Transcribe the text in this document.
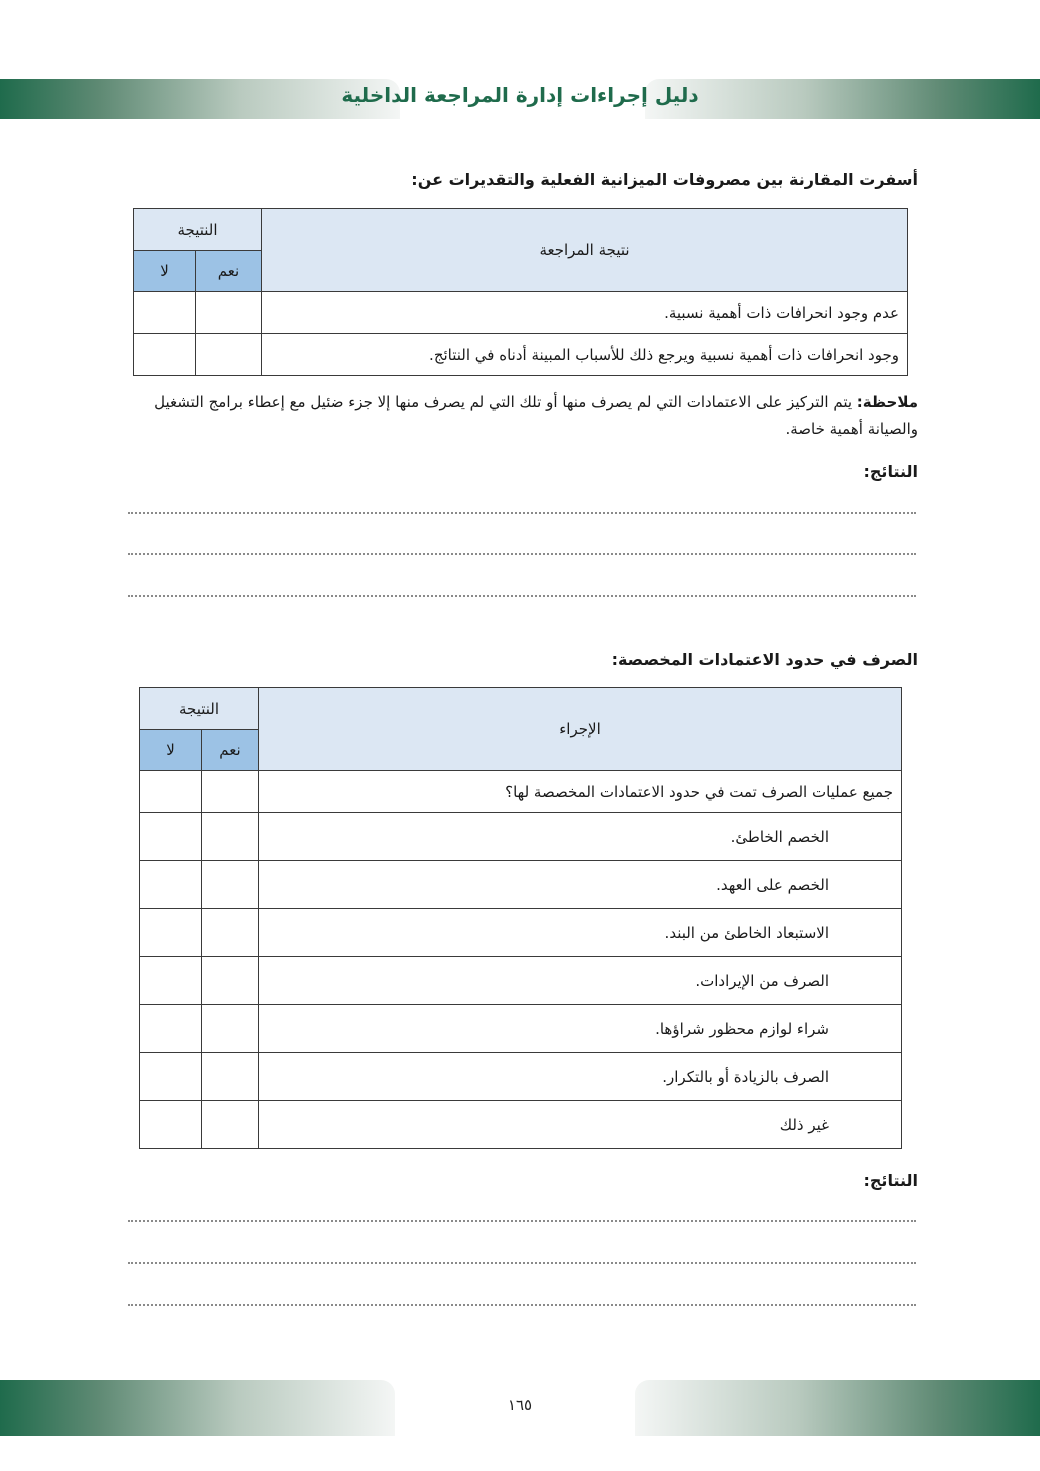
دليل إجراءات إدارة المراجعة الداخلية
أسفرت المقارنة بين مصروفات الميزانية الفعلية والتقديرات عن:
نتيجة المراجعة	النتيجة	
	نعم	لا
عدم وجود انحرافات ذات أهمية نسبية.		
وجود انحرافات ذات أهمية نسبية ويرجع ذلك للأسباب المبينة أدناه في النتائج.		
ملاحظة: يتم التركيز على الاعتمادات التي لم يصرف منها أو تلك التي لم يصرف منها إلا جزء ضئيل مع إعطاء برامج التشغيل والصيانة أهمية خاصة.
النتائج:
الصرف في حدود الاعتمادات المخصصة:
الإجراء	النتيجة	
	نعم	لا
جميع عمليات الصرف تمت في حدود الاعتمادات المخصصة لها؟		
الخصم الخاطئ.		
الخصم على العهد.		
الاستبعاد الخاطئ من البند.		
الصرف من الإيرادات.		
شراء لوازم محظور شراؤها.		
الصرف بالزيادة أو بالتكرار.		
غير ذلك		
النتائج:
١٦٥
